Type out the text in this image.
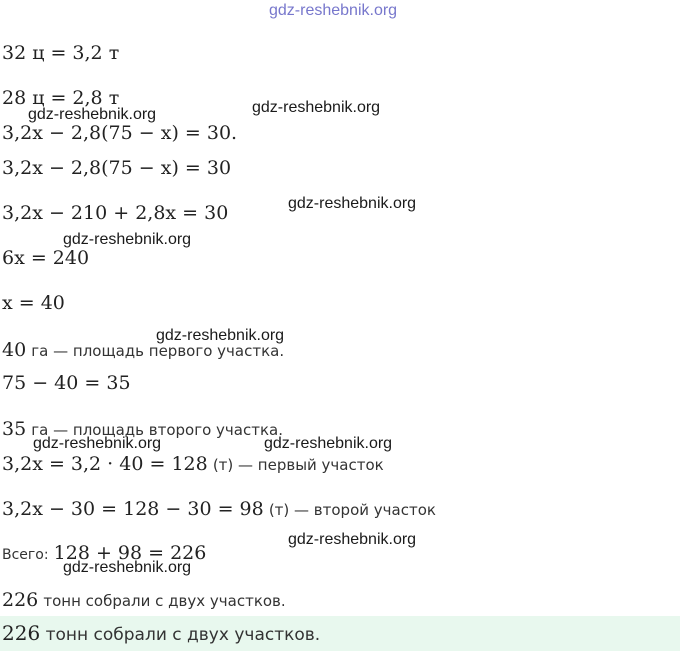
gdz-reshebnik.org
32 ц = 3,2 т
28 ц = 2,8 т
3,2x − 2,8(75 − x) = 30.
3,2x − 2,8(75 − x) = 30
3,2x − 210 + 2,8x = 30
6x = 240
x = 40
40 га — площадь первого участка.
75 − 40 = 35
35 га — площадь второго участка.
3,2x = 3,2 · 40 = 128 (т) — первый участок
3,2x − 30 = 128 − 30 = 98 (т) — второй участок
Всего: 128 + 98 = 226
226 тонн собрали с двух участков.
226 тонн собрали с двух участков.
gdz-reshebnik.org	gdz-reshebnik.org
gdz-reshebnik.org
gdz-reshebnik.org
gdz-reshebnik.org
gdz-reshebnik.org	gdz-reshebnik.org
gdz-reshebnik.org
gdz-reshebnik.org
